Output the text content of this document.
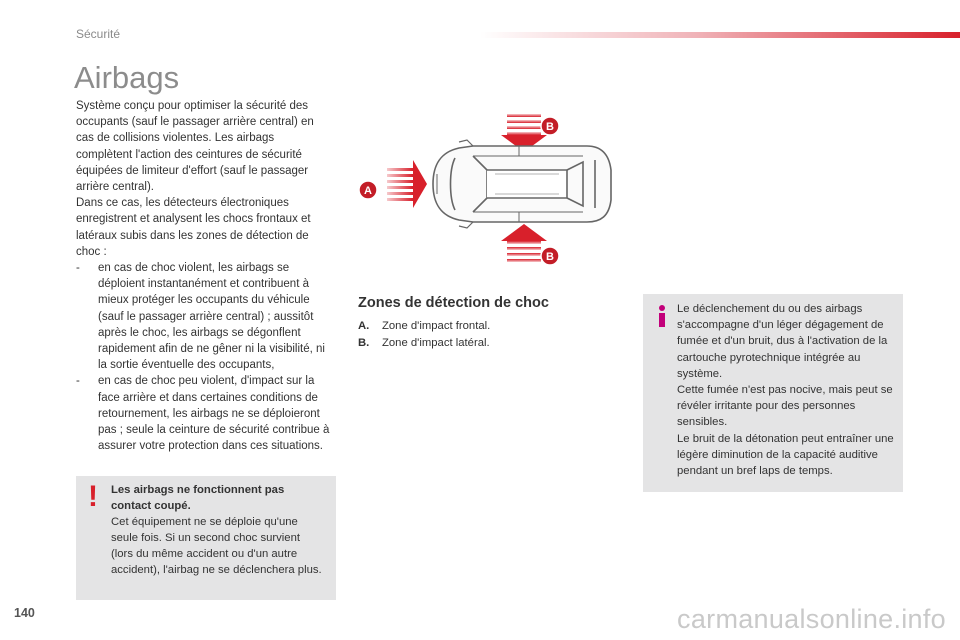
Sécurité
Airbags

Système conçu pour optimiser la sécurité des occupants (sauf le passager arrière central) en cas de collisions violentes. Les airbags complètent l'action des ceintures de sécurité équipées de limiteur d'effort (sauf le passager arrière central).

Dans ce cas, les détecteurs électroniques enregistrent et analysent les chocs frontaux et latéraux subis dans les zones de détection de choc :

- en cas de choc violent, les airbags se déploient instantanément et contribuent à mieux protéger les occupants du véhicule (sauf le passager arrière central) ; aussitôt après le choc, les airbags se dégonflent rapidement afin de ne gêner ni la visibilité, ni la sortie éventuelle des occupants,
- en cas de choc peu violent, d'impact sur la face arrière et dans certaines conditions de retournement, les airbags ne se déploieront pas ; seule la ceinture de sécurité contribue à assurer votre protection dans ces situations.
! Les airbags ne fonctionnent pas contact coupé.
Cet équipement ne se déploie qu'une seule fois. Si un second choc survient (lors du même accident ou d'un autre accident), l'airbag ne se déclenchera plus.
A
B
B
Zones de détection de choc
A. Zone d'impact frontal.
B. Zone d'impact latéral.
Le déclenchement du ou des airbags s'accompagne d'un léger dégagement de fumée et d'un bruit, dus à l'activation de la cartouche pyrotechnique intégrée au système.
Cette fumée n'est pas nocive, mais peut se révéler irritante pour des personnes sensibles.
Le bruit de la détonation peut entraîner une légère diminution de la capacité auditive pendant un bref laps de temps.
140	carmanualsonline.info
